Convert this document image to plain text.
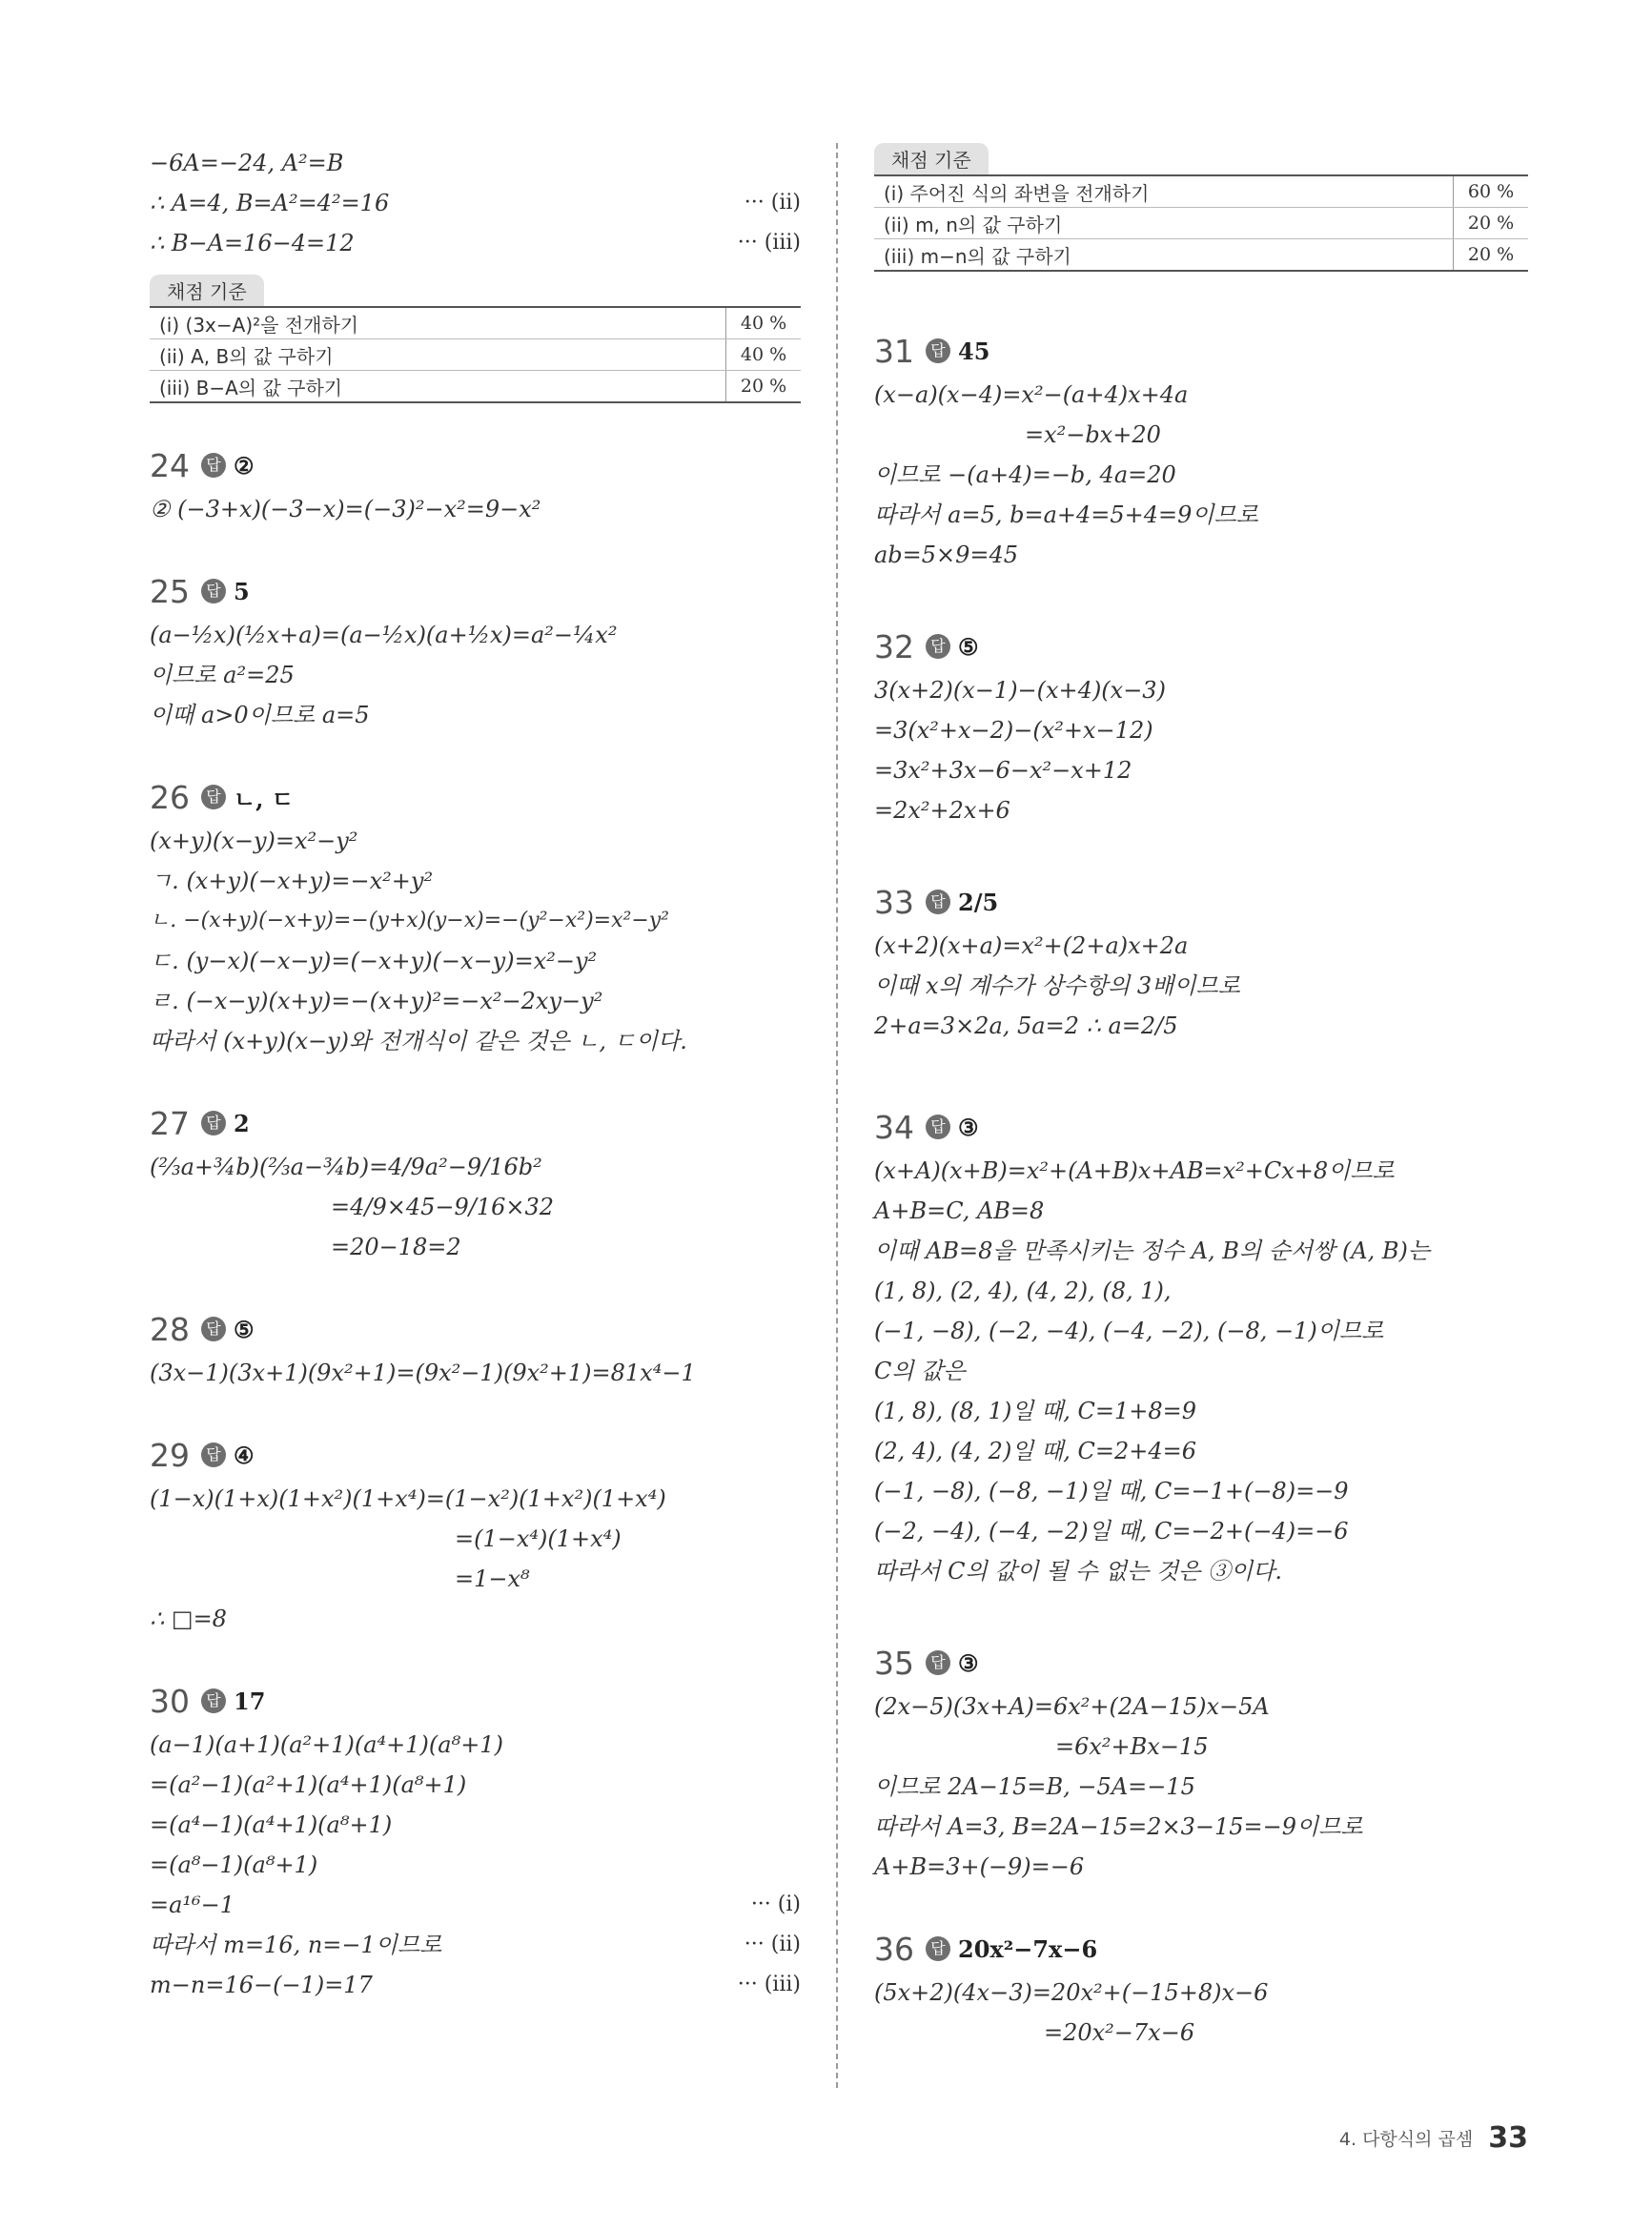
−6A=−24, A²=B
∴ A=4, B=A²=4²=16	··· (ii)
∴ B−A=16−4=12	··· (iii)
채점 기준
(i) (3x−A)²을 전개하기	40 %
(ii) A, B의 값 구하기	40 %
(iii) B−A의 값 구하기	20 %
24	답 ②
② (−3+x)(−3−x)=(−3)²−x²=9−x²
25	답 5
(a−½x)(½x+a)=(a−½x)(a+½x)=a²−¼x²
이므로 a²=25
이때 a>0이므로 a=5
26	답 ㄴ, ㄷ
(x+y)(x−y)=x²−y²
ㄱ. (x+y)(−x+y)=−x²+y²
ㄴ. −(x+y)(−x+y)=−(y+x)(y−x)=−(y²−x²)=x²−y²
ㄷ. (y−x)(−x−y)=(−x+y)(−x−y)=x²−y²
ㄹ. (−x−y)(x+y)=−(x+y)²=−x²−2xy−y²
따라서 (x+y)(x−y)와 전개식이 같은 것은 ㄴ, ㄷ이다.
27	답 2
(⅔a+¾b)(⅔a−¾b)=4/9a²−9/16b²
=4/9×45−9/16×32
=20−18=2
28	답 ⑤
(3x−1)(3x+1)(9x²+1)=(9x²−1)(9x²+1)=81x⁴−1
29	답 ④
(1−x)(1+x)(1+x²)(1+x⁴)=(1−x²)(1+x²)(1+x⁴)
=(1−x⁴)(1+x⁴)
=1−x⁸
∴ □=8
30	답 17
(a−1)(a+1)(a²+1)(a⁴+1)(a⁸+1)
=(a²−1)(a²+1)(a⁴+1)(a⁸+1)
=(a⁴−1)(a⁴+1)(a⁸+1)
=(a⁸−1)(a⁸+1)
=a¹⁶−1	··· (i)
따라서 m=16, n=−1이므로	··· (ii)
m−n=16−(−1)=17	··· (iii)
채점 기준
(i) 주어진 식의 좌변을 전개하기	60 %
(ii) m, n의 값 구하기	20 %
(iii) m−n의 값 구하기	20 %
31	답 45
(x−a)(x−4)=x²−(a+4)x+4a
=x²−bx+20
이므로 −(a+4)=−b, 4a=20
따라서 a=5, b=a+4=5+4=9이므로
ab=5×9=45
32	답 ⑤
3(x+2)(x−1)−(x+4)(x−3)
=3(x²+x−2)−(x²+x−12)
=3x²+3x−6−x²−x+12
=2x²+2x+6
33	답 2/5
(x+2)(x+a)=x²+(2+a)x+2a
이때 x의 계수가 상수항의 3배이므로
2+a=3×2a, 5a=2 ∴ a=2/5
34	답 ③
(x+A)(x+B)=x²+(A+B)x+AB=x²+Cx+8이므로
A+B=C, AB=8
이때 AB=8을 만족시키는 정수 A, B의 순서쌍 (A, B)는
(1, 8), (2, 4), (4, 2), (8, 1),
(−1, −8), (−2, −4), (−4, −2), (−8, −1)이므로
C의 값은
(1, 8), (8, 1)일 때, C=1+8=9
(2, 4), (4, 2)일 때, C=2+4=6
(−1, −8), (−8, −1)일 때, C=−1+(−8)=−9
(−2, −4), (−4, −2)일 때, C=−2+(−4)=−6
따라서 C의 값이 될 수 없는 것은 ③이다.
35	답 ③
(2x−5)(3x+A)=6x²+(2A−15)x−5A
=6x²+Bx−15
이므로 2A−15=B, −5A=−15
따라서 A=3, B=2A−15=2×3−15=−9이므로
A+B=3+(−9)=−6
36	답 20x²−7x−6
(5x+2)(4x−3)=20x²+(−15+8)x−6
=20x²−7x−6
4. 다항식의 곱셈 33
